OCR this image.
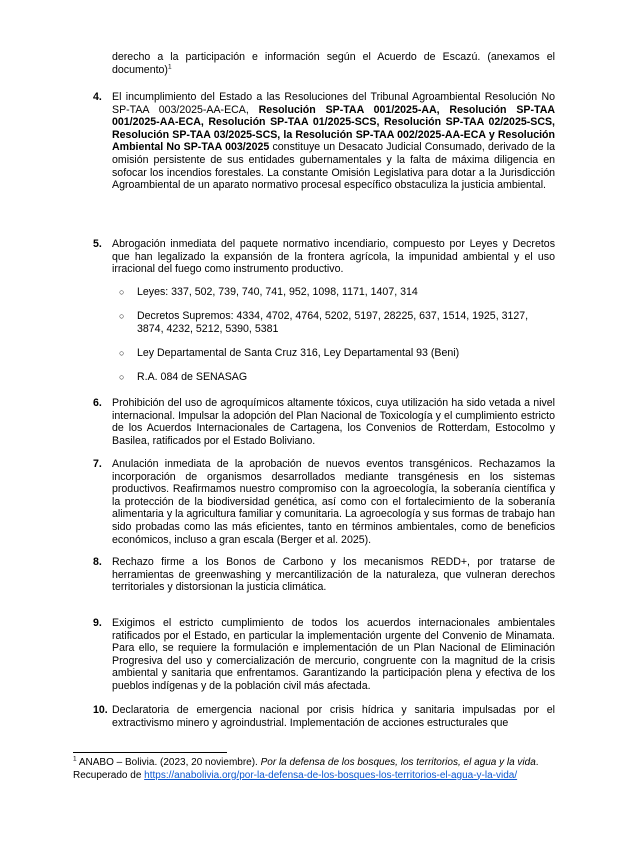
derecho a la participación e información según el Acuerdo de Escazú. (anexamos el documento)$^1$
4. El incumplimiento del Estado a las Resoluciones del Tribunal Agroambiental Resolución No SP-TAA 003/2025-AA-ECA, Resolución SP-TAA 001/2025-AA, Resolución SP-TAA 001/2025-AA-ECA, Resolución SP-TAA 01/2025-SCS, Resolución SP-TAA 02/2025-SCS, Resolución SP-TAA 03/2025-SCS, la Resolución SP-TAA 002/2025-AA-ECA y Resolución Ambiental No SP-TAA 003/2025 constituye un Desacato Judicial Consumado, derivado de la omisión persistente de sus entidades gubernamentales y la falta de máxima diligencia en sofocar los incendios forestales. La constante Omisión Legislativa para dotar a la Jurisdicción Agroambiental de un aparato normativo procesal específico obstaculiza la justicia ambiental.
5. Abrogación inmediata del paquete normativo incendiario, compuesto por Leyes y Decretos que han legalizado la expansión de la frontera agrícola, la impunidad ambiental y el uso irracional del fuego como instrumento productivo.
○ Leyes: 337, 502, 739, 740, 741, 952, 1098, 1171, 1407, 314
○ Decretos Supremos: 4334, 4702, 4764, 5202, 5197, 28225, 637, 1514, 1925, 3127, 3874, 4232, 5212, 5390, 5381
○ Ley Departamental de Santa Cruz 316, Ley Departamental 93 (Beni)
○ R.A. 084 de SENASAG
6. Prohibición del uso de agroquímicos altamente tóxicos, cuya utilización ha sido vetada a nivel internacional. Impulsar la adopción del Plan Nacional de Toxicología y el cumplimiento estricto de los Acuerdos Internacionales de Cartagena, los Convenios de Rotterdam, Estocolmo y Basilea, ratificados por el Estado Boliviano.
7. Anulación inmediata de la aprobación de nuevos eventos transgénicos. Rechazamos la incorporación de organismos desarrollados mediante transgénesis en los sistemas productivos. Reafirmamos nuestro compromiso con la agroecología, la soberanía científica y la protección de la biodiversidad genética, así como con el fortalecimiento de la soberanía alimentaria y la agricultura familiar y comunitaria. La agroecología y sus formas de trabajo han sido probadas como las más eficientes, tanto en términos ambientales, como de beneficios económicos, incluso a gran escala (Berger et al. 2025).
8. Rechazo firme a los Bonos de Carbono y los mecanismos REDD+, por tratarse de herramientas de greenwashing y mercantilización de la naturaleza, que vulneran derechos territoriales y distorsionan la justicia climática.
9. Exigimos el estricto cumplimiento de todos los acuerdos internacionales ambientales ratificados por el Estado, en particular la implementación urgente del Convenio de Minamata. Para ello, se requiere la formulación e implementación de un Plan Nacional de Eliminación Progresiva del uso y comercialización de mercurio, congruente con la magnitud de la crisis ambiental y sanitaria que enfrentamos. Garantizando la participación plena y efectiva de los pueblos indígenas y de la población civil más afectada.
10. Declaratoria de emergencia nacional por crisis hídrica y sanitaria impulsadas por el extractivismo minero y agroindustrial. Implementación de acciones estructurales que
$^1$ ANABO – Bolivia. (2023, 20 noviembre). Por la defensa de los bosques, los territorios, el agua y la vida. Recuperado de https://anabolivia.org/por-la-defensa-de-los-bosques-los-territorios-el-agua-y-la-vida/
